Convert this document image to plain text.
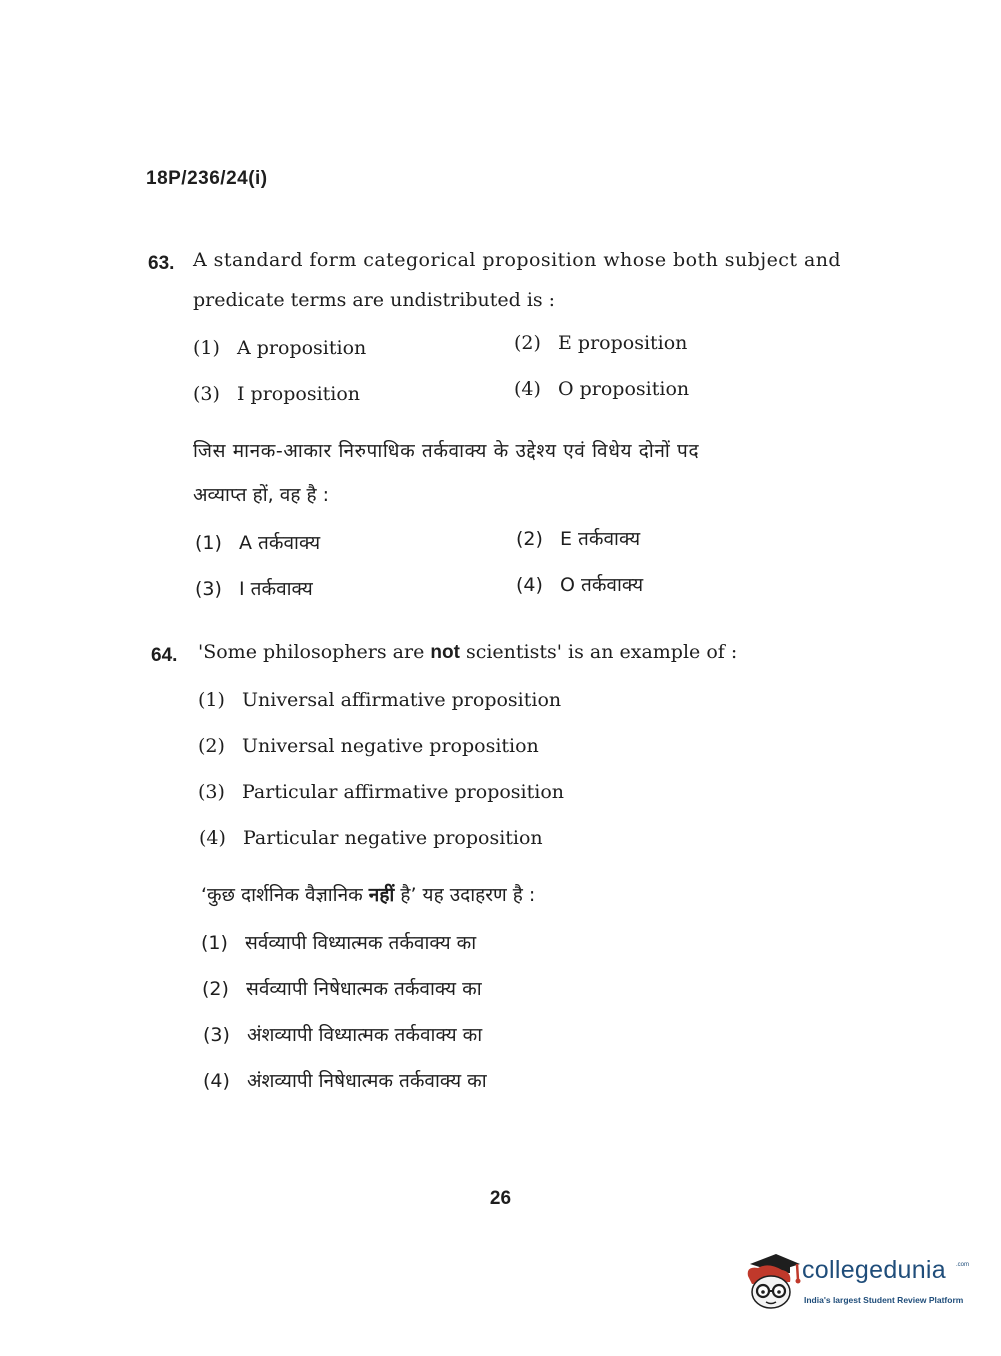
18P/236/24(i)
63. A standard form categorical proposition whose both subject and
predicate terms are undistributed is :
(1) A proposition	(2) E proposition
(3) I proposition	(4) O proposition
जिस मानक-आकार निरुपाधिक तर्कवाक्य के उद्देश्य एवं विधेय दोनों पद
अव्याप्त हों, वह है :
(1) A तर्कवाक्य	(2) E तर्कवाक्य
(3) I तर्कवाक्य	(4) O तर्कवाक्य
64. 'Some philosophers are not scientists' is an example of :
(1) Universal affirmative proposition
(2) Universal negative proposition
(3) Particular affirmative proposition
(4) Particular negative proposition
‘कुछ दार्शनिक वैज्ञानिक नहीं है’ यह उदाहरण है :
(1) सर्वव्यापी विध्यात्मक तर्कवाक्य का
(2) सर्वव्यापी निषेधात्मक तर्कवाक्य का
(3) अंशव्यापी विध्यात्मक तर्कवाक्य का
(4) अंशव्यापी निषेधात्मक तर्कवाक्य का
26
collegedunia .com
India's largest Student Review Platform
